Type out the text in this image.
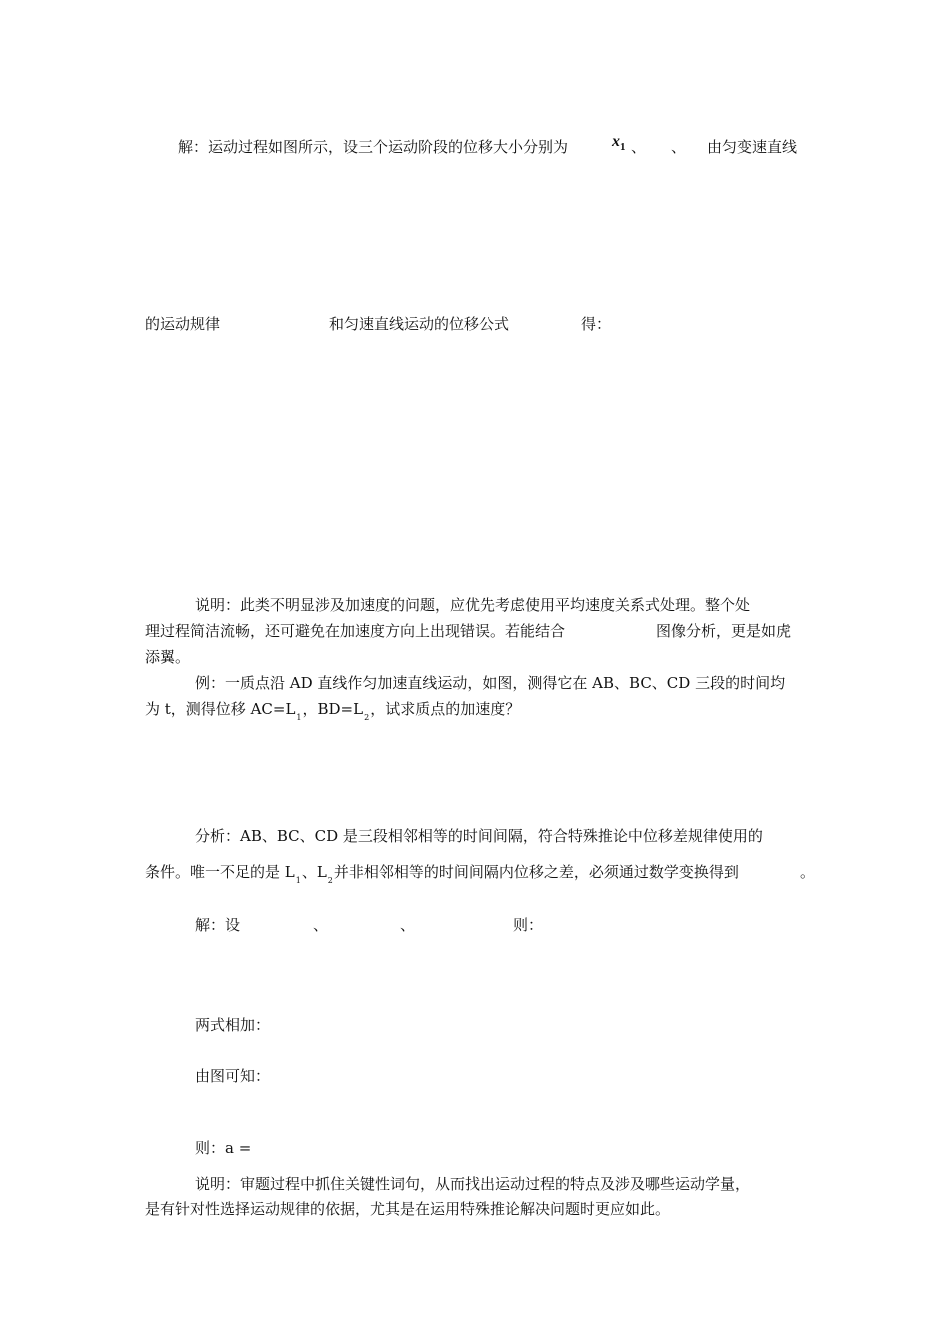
解：运动过程如图所示，设三个运动阶段的位移大小分别为	$x_1$ 、 、 由匀变速直线
的运动规律	和匀速直线运动的位移公式	得：
说明：此类不明显涉及加速度的问题，应优先考虑使用平均速度关系式处理。整个处
理过程简洁流畅，还可避免在加速度方向上出现错误。若能结合	图像分析，更是如虎
添翼。
例：一质点沿 AD 直线作匀加速直线运动，如图，测得它在 AB、BC、CD 三段的时间均
为 t，测得位移 $AC=L_1$，$BD=L_2$，试求质点的加速度？
分析：AB、BC、CD 是三段相邻相等的时间间隔，符合特殊推论中位移差规律使用的
条件。唯一不足的是 $L_1$、$L_2$并非相邻相等的时间间隔内位移之差，必须通过数学变换得到	。
解：设	、	、	则：
两式相加：
由图可知：
则：a =
说明：审题过程中抓住关键性词句，从而找出运动过程的特点及涉及哪些运动学量，
是有针对性选择运动规律的依据，尤其是在运用特殊推论解决问题时更应如此。
